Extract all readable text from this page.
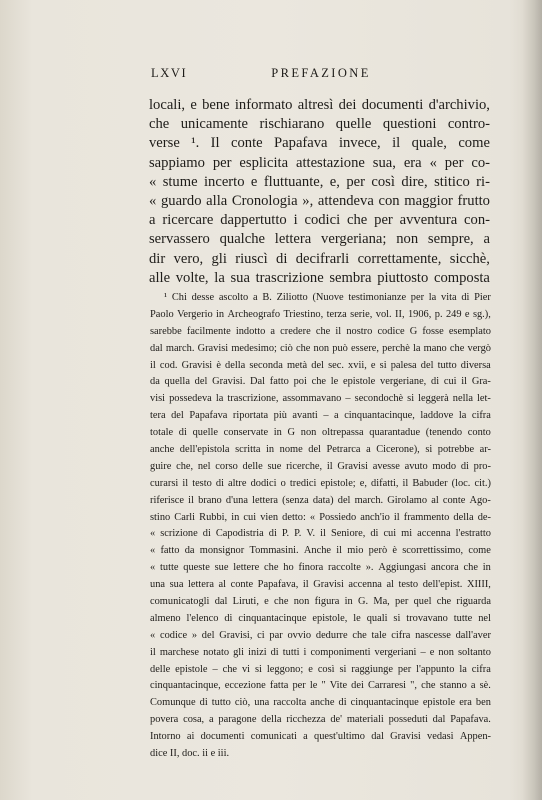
LXVI	PREFAZIONE
locali, e bene informato altresì dei documenti d'archivio,
che unicamente rischiarano quelle questioni contro-
verse ¹. Il conte Papafava invece, il quale, come
sappiamo per esplicita attestazione sua, era « per co-
« stume incerto e fluttuante, e, per così dire, stitico ri-
« guardo alla Cronologia », attendeva con maggior frutto
a ricercare dappertutto i codici che per avventura con-
servassero qualche lettera vergeriana; non sempre, a
dir vero, gli riuscì di decifrarli correttamente, sicchè,
alle volte, la sua trascrizione sembra piuttosto composta
¹ Chi desse ascolto a B. Ziliotto (Nuove testimonianze per la vita di Pier
Paolo Vergerio in Archeografo Triestino, terza serie, vol. II, 1906, p. 249 e sg.),
sarebbe facilmente indotto a credere che il nostro codice G fosse esemplato
dal march. Gravisi medesimo; ciò che non può essere, perchè la mano che vergò
il cod. Gravisi è della seconda metà del sec. xvii, e si palesa del tutto diversa
da quella del Gravisi. Dal fatto poi che le epistole vergeriane, di cui il Gra-
visi possedeva la trascrizione, assommavano – secondochè si leggerà nella let-
tera del Papafava riportata più avanti – a cinquantacinque, laddove la cifra
totale di quelle conservate in G non oltrepassa quarantadue (tenendo conto
anche dell'epistola scritta in nome del Petrarca a Cicerone), si potrebbe ar-
guire che, nel corso delle sue ricerche, il Gravisi avesse avuto modo di pro-
curarsi il testo di altre dodici o tredici epistole; e, difatti, il Babuder (loc. cit.)
riferisce il brano d'una lettera (senza data) del march. Girolamo al conte Ago-
stino Carli Rubbi, in cui vien detto: « Possiedo anch'io il frammento della de-
« scrizione di Capodistria di P. P. V. il Seniore, di cui mi accenna l'estratto
« fatto da monsignor Tommasini. Anche il mio però è scorrettissimo, come
« tutte queste sue lettere che ho finora raccolte ». Aggiungasi ancora che in
una sua lettera al conte Papafava, il Gravisi accenna al testo dell'epist. XIIII,
comunicatogli dal Liruti, e che non figura in G. Ma, per quel che riguarda
almeno l'elenco di cinquantacinque epistole, le quali si trovavano tutte nel
« codice » del Gravisi, ci par ovvio dedurre che tale cifra nascesse dall'aver
il marchese notato gli inizi di tutti i componimenti vergeriani – e non soltanto
delle epistole – che vi si leggono; e così si raggiunge per l'appunto la cifra
cinquantacinque, eccezione fatta per le " Vite dei Carraresi ", che stanno a sè.
Comunque di tutto ciò, una raccolta anche di cinquantacinque epistole era ben
povera cosa, a paragone della ricchezza de' materiali posseduti dal Papafava.
Intorno ai documenti comunicati a quest'ultimo dal Gravisi vedasi Appen-
dice II, doc. ii e iii.
